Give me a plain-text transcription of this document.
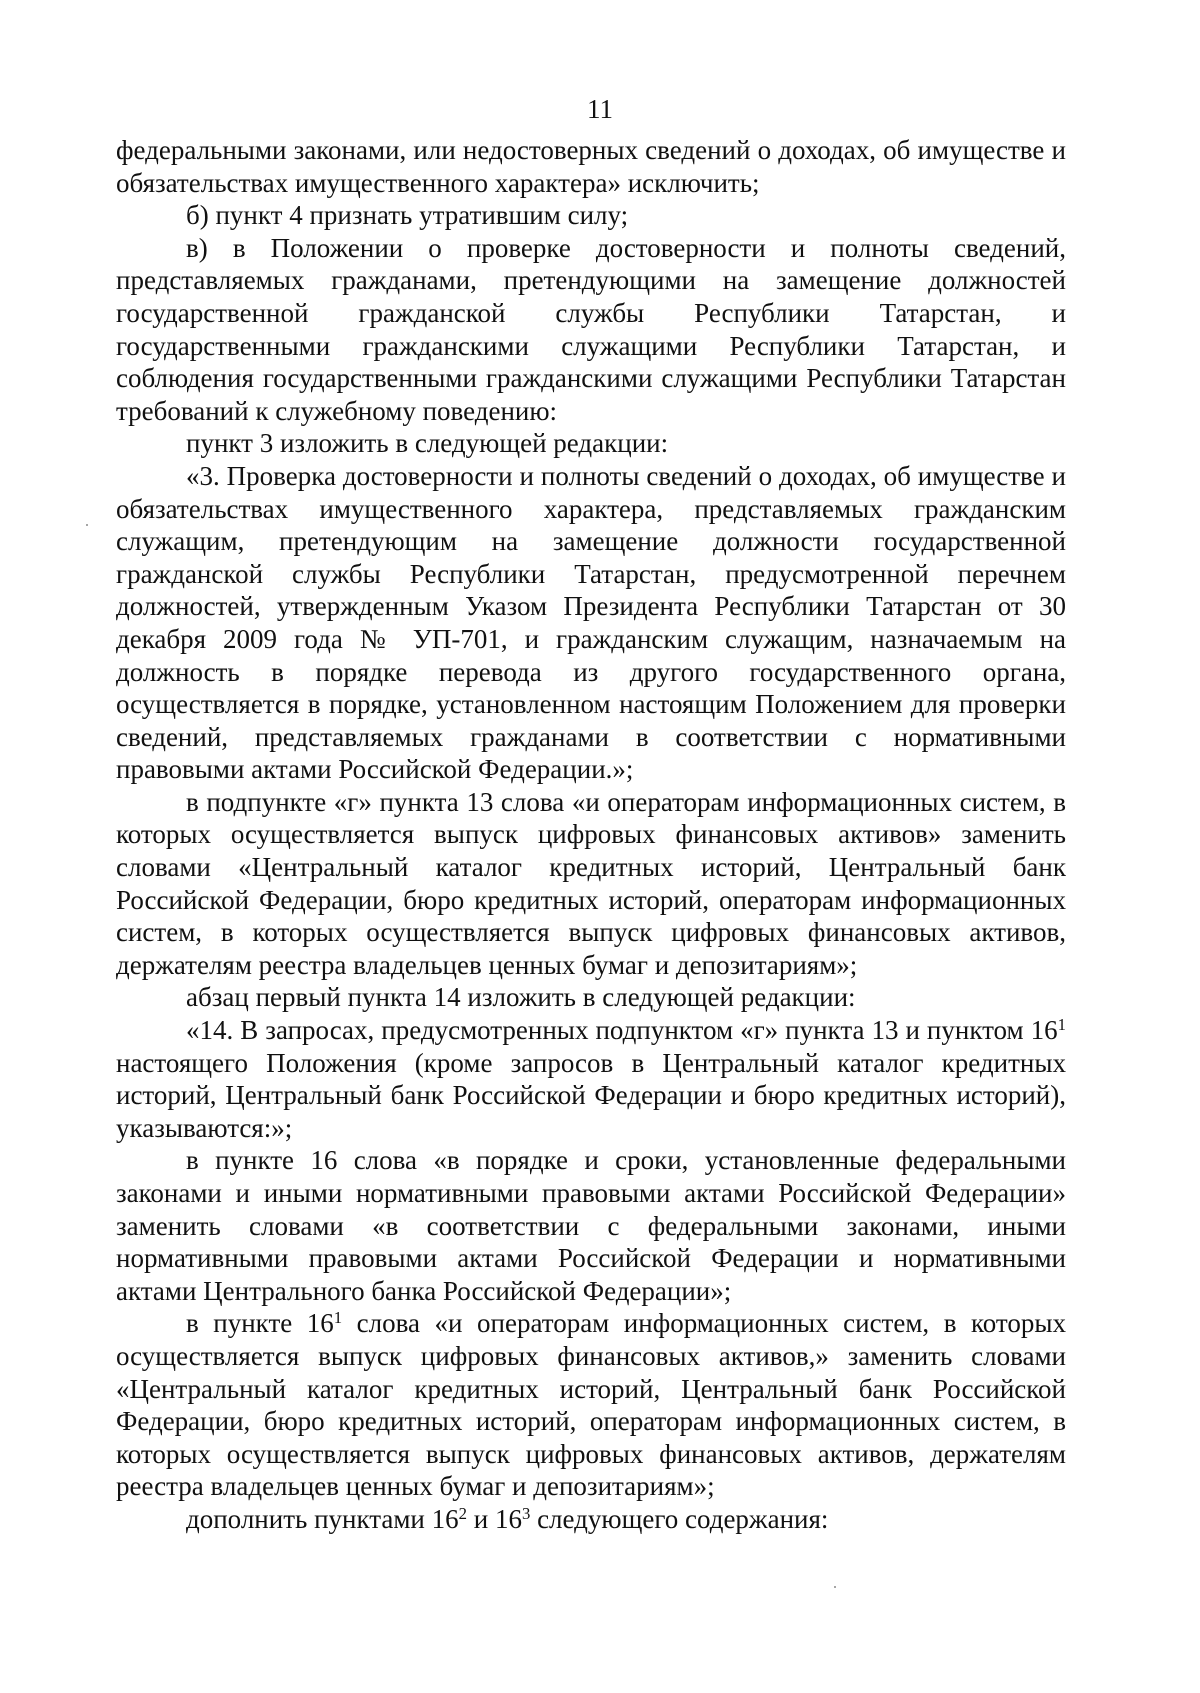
11

федеральными законами, или недостоверных сведений о доходах, об имуществе и обязательствах имущественного характера» исключить;

б) пункт 4 признать утратившим силу;

в) в Положении о проверке достоверности и полноты сведений, представляемых гражданами, претендующими на замещение должностей государственной гражданской службы Республики Татарстан, и государственными гражданскими служащими Республики Татарстан, и соблюдения государственными гражданскими служащими Республики Татарстан требований к служебному поведению:

пункт 3 изложить в следующей редакции:

«3. Проверка достоверности и полноты сведений о доходах, об имуществе и обязательствах имущественного характера, представляемых гражданским служащим, претендующим на замещение должности государственной гражданской службы Республики Татарстан, предусмотренной перечнем должностей, утвержденным Указом Президента Республики Татарстан от 30 декабря 2009 года № УП-701, и гражданским служащим, назначаемым на должность в порядке перевода из другого государственного органа, осуществляется в порядке, установленном настоящим Положением для проверки сведений, представляемых гражданами в соответствии с нормативными правовыми актами Российской Федерации.»;

в подпункте «г» пункта 13 слова «и операторам информационных систем, в которых осуществляется выпуск цифровых финансовых активов» заменить словами «Центральный каталог кредитных историй, Центральный банк Российской Федерации, бюро кредитных историй, операторам информационных систем, в которых осуществляется выпуск цифровых финансовых активов, держателям реестра владельцев ценных бумаг и депозитариям»;

абзац первый пункта 14 изложить в следующей редакции:

«14. В запросах, предусмотренных подпунктом «г» пункта 13 и пунктом $16^1$ настоящего Положения (кроме запросов в Центральный каталог кредитных историй, Центральный банк Российской Федерации и бюро кредитных историй), указываются:»;

в пункте 16 слова «в порядке и сроки, установленные федеральными законами и иными нормативными правовыми актами Российской Федерации» заменить словами «в соответствии с федеральными законами, иными нормативными правовыми актами Российской Федерации и нормативными актами Центрального банка Российской Федерации»;

в пункте $16^1$ слова «и операторам информационных систем, в которых осуществляется выпуск цифровых финансовых активов,» заменить словами «Центральный каталог кредитных историй, Центральный банк Российской Федерации, бюро кредитных историй, операторам информационных систем, в которых осуществляется выпуск цифровых финансовых активов, держателям реестра владельцев ценных бумаг и депозитариям»;

дополнить пунктами $16^2$ и $16^3$ следующего содержания:
